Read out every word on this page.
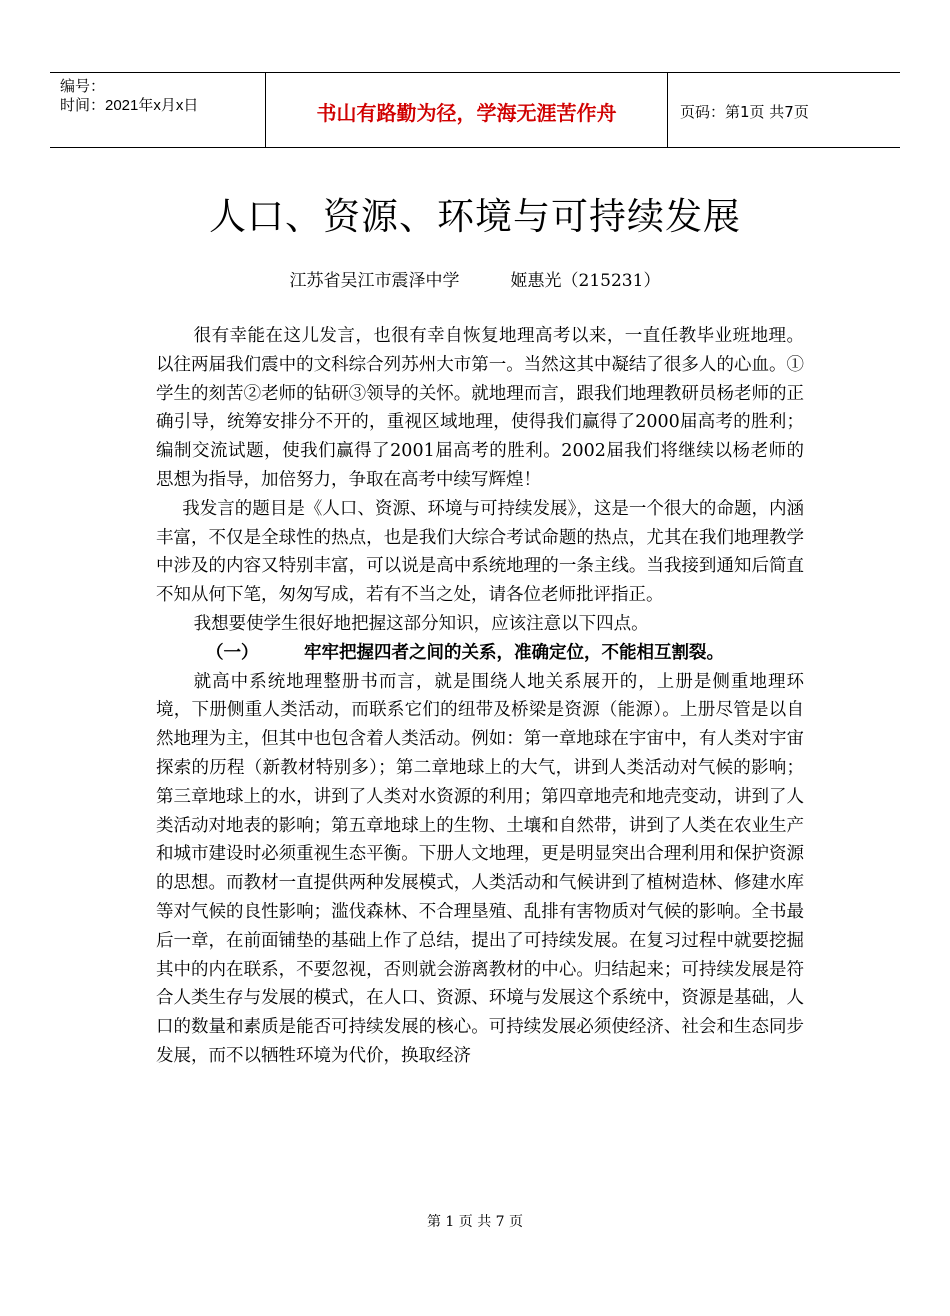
编号：
时间：2021年x月x日	书山有路勤为径，学海无涯苦作舟	页码：第1页 共7页
人口、资源、环境与可持续发展
江苏省吴江市震泽中学　　　姬惠光（215231）

很有幸能在这儿发言，也很有幸自恢复地理高考以来，一直任教毕业班地理。以往两届我们震中的文科综合列苏州大市第一。当然这其中凝结了很多人的心血。①学生的刻苦②老师的钻研③领导的关怀。就地理而言，跟我们地理教研员杨老师的正确引导，统筹安排分不开的，重视区域地理，使得我们赢得了2000届高考的胜利；编制交流试题，使我们赢得了2001届高考的胜利。2002届我们将继续以杨老师的思想为指导，加倍努力，争取在高考中续写辉煌！

我发言的题目是《人口、资源、环境与可持续发展》，这是一个很大的命题，内涵丰富，不仅是全球性的热点，也是我们大综合考试命题的热点，尤其在我们地理教学中涉及的内容又特别丰富，可以说是高中系统地理的一条主线。当我接到通知后简直不知从何下笔，匆匆写成，若有不当之处，请各位老师批评指正。

我想要使学生很好地把握这部分知识，应该注意以下四点。

（一）	牢牢把握四者之间的关系，准确定位，不能相互割裂。

就高中系统地理整册书而言，就是围绕人地关系展开的，上册是侧重地理环境，下册侧重人类活动，而联系它们的纽带及桥梁是资源（能源）。上册尽管是以自然地理为主，但其中也包含着人类活动。例如：第一章地球在宇宙中，有人类对宇宙探索的历程（新教材特别多）；第二章地球上的大气，讲到人类活动对气候的影响；第三章地球上的水，讲到了人类对水资源的利用；第四章地壳和地壳变动，讲到了人类活动对地表的影响；第五章地球上的生物、土壤和自然带，讲到了人类在农业生产和城市建设时必须重视生态平衡。下册人文地理，更是明显突出合理利用和保护资源的思想。而教材一直提供两种发展模式，人类活动和气候讲到了植树造林、修建水库等对气候的良性影响；滥伐森林、不合理垦殖、乱排有害物质对气候的影响。全书最后一章，在前面铺垫的基础上作了总结，提出了可持续发展。在复习过程中就要挖掘其中的内在联系，不要忽视，否则就会游离教材的中心。归结起来；可持续发展是符合人类生存与发展的模式，在人口、资源、环境与发展这个系统中，资源是基础，人口的数量和素质是能否可持续发展的核心。可持续发展必须使经济、社会和生态同步发展，而不以牺牲环境为代价，换取经济

第 1 页 共 7 页
